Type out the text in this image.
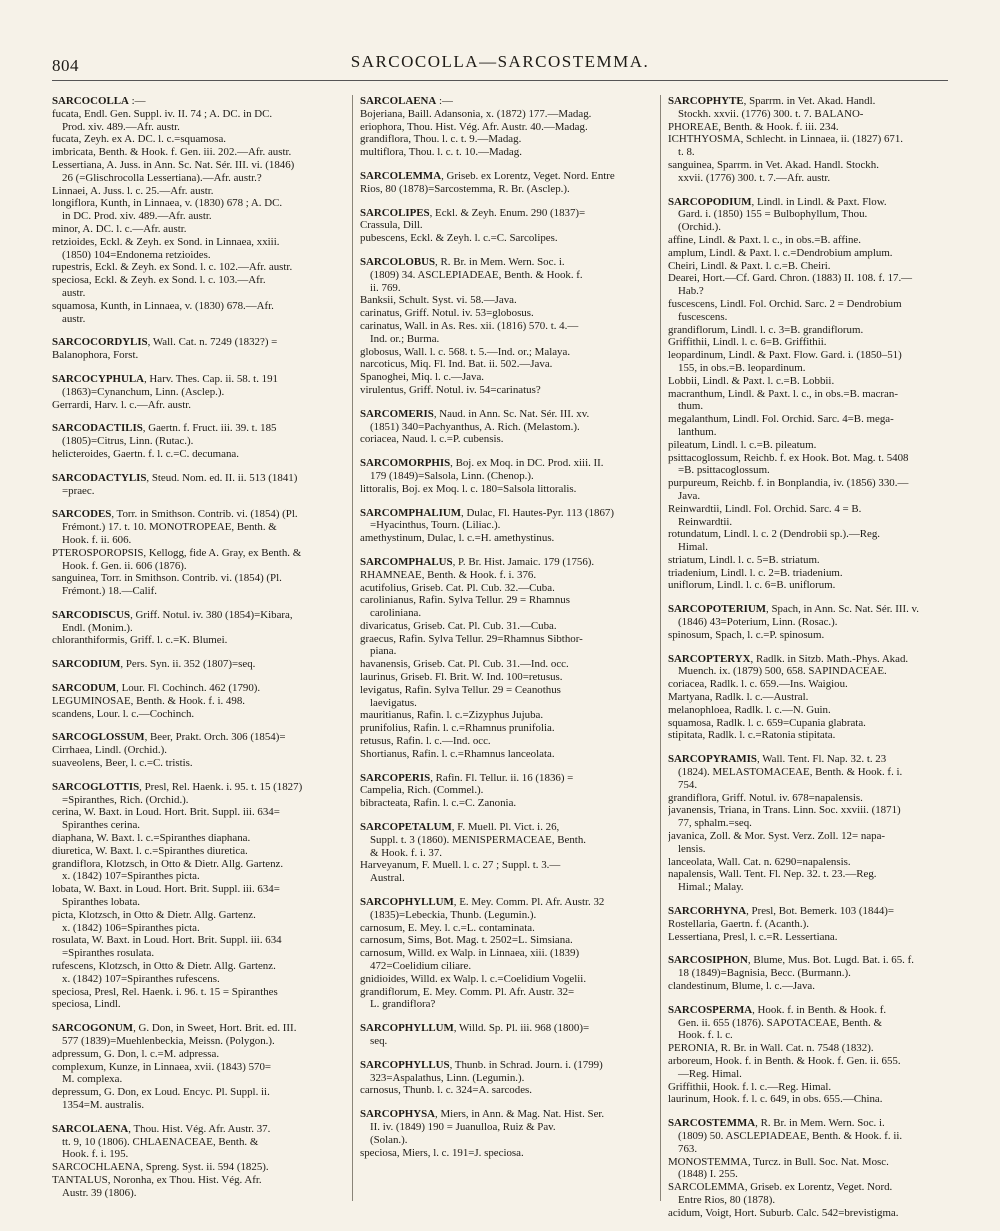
804	SARCOCOLLA—SARCOSTEMMA.
SARCOCOLLA :—
fucata, Endl. Gen. Suppl. iv. II. 74 ; A. DC. in DC.
Prod. xiv. 489.—Afr. austr.
fucata, Zeyh. ex A. DC. l. c.=squamosa.
imbricata, Benth. & Hook. f. Gen. iii. 202.—Afr. austr.
Lessertiana, A. Juss. in Ann. Sc. Nat. Sér. III. vi. (1846)
26 (=Glischrocolla Lessertiana).—Afr. austr.?
Linnaei, A. Juss. l. c. 25.—Afr. austr.
longiflora, Kunth, in Linnaea, v. (1830) 678 ; A. DC.
in DC. Prod. xiv. 489.—Afr. austr.
minor, A. DC. l. c.—Afr. austr.
retzioides, Eckl. & Zeyh. ex Sond. in Linnaea, xxiii.
(1850) 104=Endonema retzioides.
rupestris, Eckl. & Zeyh. ex Sond. l. c. 102.—Afr. austr.
speciosa, Eckl. & Zeyh. ex Sond. l. c. 103.—Afr.
austr.
squamosa, Kunth, in Linnaea, v. (1830) 678.—Afr.
austr.
SARCOCORDYLIS, Wall. Cat. n. 7249 (1832?) =
Balanophora, Forst.
SARCOCYPHULA, Harv. Thes. Cap. ii. 58. t. 191
(1863)=Cynanchum, Linn. (Asclep.).
Gerrardi, Harv. l. c.—Afr. austr.
SARCODACTILIS, Gaertn. f. Fruct. iii. 39. t. 185
(1805)=Citrus, Linn. (Rutac.).
helicteroides, Gaertn. f. l. c.=C. decumana.
SARCODACTYLIS, Steud. Nom. ed. II. ii. 513 (1841)
=praec.
SARCODES, Torr. in Smithson. Contrib. vi. (1854) (Pl.
Frémont.) 17. t. 10. MONOTROPEAE, Benth. &
Hook. f. ii. 606.
PTEROSPOROPSIS, Kellogg, fide A. Gray, ex Benth. &
Hook. f. Gen. ii. 606 (1876).
sanguinea, Torr. in Smithson. Contrib. vi. (1854) (Pl.
Frémont.) 18.—Calif.
SARCODISCUS, Griff. Notul. iv. 380 (1854)=Kibara,
Endl. (Monim.).
chloranthiformis, Griff. l. c.=K. Blumei.
SARCODIUM, Pers. Syn. ii. 352 (1807)=seq.
SARCODUM, Lour. Fl. Cochinch. 462 (1790).
LEGUMINOSAE, Benth. & Hook. f. i. 498.
scandens, Lour. l. c.—Cochinch.
SARCOGLOSSUM, Beer, Prakt. Orch. 306 (1854)=
Cirrhaea, Lindl. (Orchid.).
suaveolens, Beer, l. c.=C. tristis.
SARCOGLOTTIS, Presl, Rel. Haenk. i. 95. t. 15 (1827)
=Spiranthes, Rich. (Orchid.).
cerina, W. Baxt. in Loud. Hort. Brit. Suppl. iii. 634=
Spiranthes cerina.
diaphana, W. Baxt. l. c.=Spiranthes diaphana.
diuretica, W. Baxt. l. c.=Spiranthes diuretica.
grandiflora, Klotzsch, in Otto & Dietr. Allg. Gartenz.
x. (1842) 107=Spiranthes picta.
lobata, W. Baxt. in Loud. Hort. Brit. Suppl. iii. 634=
Spiranthes lobata.
picta, Klotzsch, in Otto & Dietr. Allg. Gartenz.
x. (1842) 106=Spiranthes picta.
rosulata, W. Baxt. in Loud. Hort. Brit. Suppl. iii. 634
=Spiranthes rosulata.
rufescens, Klotzsch, in Otto & Dietr. Allg. Gartenz.
x. (1842) 107=Spiranthes rufescens.
speciosa, Presl, Rel. Haenk. i. 96. t. 15 = Spiranthes
speciosa, Lindl.
SARCOGONUM, G. Don, in Sweet, Hort. Brit. ed. III.
577 (1839)=Muehlenbeckia, Meissn. (Polygon.).
adpressum, G. Don, l. c.=M. adpressa.
complexum, Kunze, in Linnaea, xvii. (1843) 570=
M. complexa.
depressum, G. Don, ex Loud. Encyc. Pl. Suppl. ii.
1354=M. australis.
SARCOLAENA, Thou. Hist. Vég. Afr. Austr. 37.
tt. 9, 10 (1806). CHLAENACEAE, Benth. &
Hook. f. i. 195.
SARCOCHLAENA, Spreng. Syst. ii. 594 (1825).
TANTALUS, Noronha, ex Thou. Hist. Vég. Afr.
Austr. 39 (1806).
SARCOLAENA :—
Bojeriana, Baill. Adansonia, x. (1872) 177.—Madag.
eriophora, Thou. Hist. Vég. Afr. Austr. 40.—Madag.
grandiflora, Thou. l. c. t. 9.—Madag.
multiflora, Thou. l. c. t. 10.—Madag.
SARCOLEMMA, Griseb. ex Lorentz, Veget. Nord. Entre
Rios, 80 (1878)=Sarcostemma, R. Br. (Asclep.).
SARCOLIPES, Eckl. & Zeyh. Enum. 290 (1837)=
Crassula, Dill.
pubescens, Eckl. & Zeyh. l. c.=C. Sarcolipes.
SARCOLOBUS, R. Br. in Mem. Wern. Soc. i.
(1809) 34. ASCLEPIADEAE, Benth. & Hook. f.
ii. 769.
Banksii, Schult. Syst. vi. 58.—Java.
carinatus, Griff. Notul. iv. 53=globosus.
carinatus, Wall. in As. Res. xii. (1816) 570. t. 4.—
Ind. or.; Burma.
globosus, Wall. l. c. 568. t. 5.—Ind. or.; Malaya.
narcoticus, Miq. Fl. Ind. Bat. ii. 502.—Java.
Spanoghei, Miq. l. c.—Java.
virulentus, Griff. Notul. iv. 54=carinatus?
SARCOMERIS, Naud. in Ann. Sc. Nat. Sér. III. xv.
(1851) 340=Pachyanthus, A. Rich. (Melastom.).
coriacea, Naud. l. c.=P. cubensis.
SARCOMORPHIS, Boj. ex Moq. in DC. Prod. xiii. II.
179 (1849)=Salsola, Linn. (Chenop.).
littoralis, Boj. ex Moq. l. c. 180=Salsola littoralis.
SARCOMPHALIUM, Dulac, Fl. Hautes-Pyr. 113 (1867)
=Hyacinthus, Tourn. (Liliac.).
amethystinum, Dulac, l. c.=H. amethystinus.
SARCOMPHALUS, P. Br. Hist. Jamaic. 179 (1756).
RHAMNEAE, Benth. & Hook. f. i. 376.
acutifolius, Griseb. Cat. Pl. Cub. 32.—Cuba.
carolinianus, Rafin. Sylva Tellur. 29 = Rhamnus
caroliniana.
divaricatus, Griseb. Cat. Pl. Cub. 31.—Cuba.
graecus, Rafin. Sylva Tellur. 29=Rhamnus Sibthor-
piana.
havanensis, Griseb. Cat. Pl. Cub. 31.—Ind. occ.
laurinus, Griseb. Fl. Brit. W. Ind. 100=retusus.
levigatus, Rafin. Sylva Tellur. 29 = Ceanothus
laevigatus.
mauritianus, Rafin. l. c.=Zizyphus Jujuba.
prunifolius, Rafin. l. c.=Rhamnus prunifolia.
retusus, Rafin. l. c.—Ind. occ.
Shortianus, Rafin. l. c.=Rhamnus lanceolata.
SARCOPERIS, Rafin. Fl. Tellur. ii. 16 (1836) =
Campelia, Rich. (Commel.).
bibracteata, Rafin. l. c.=C. Zanonia.
SARCOPETALUM, F. Muell. Pl. Vict. i. 26,
Suppl. t. 3 (1860). MENISPERMACEAE, Benth.
& Hook. f. i. 37.
Harveyanum, F. Muell. l. c. 27 ; Suppl. t. 3.—
Austral.
SARCOPHYLLUM, E. Mey. Comm. Pl. Afr. Austr. 32
(1835)=Lebeckia, Thunb. (Legumin.).
carnosum, E. Mey. l. c.=L. contaminata.
carnosum, Sims, Bot. Mag. t. 2502=L. Simsiana.
carnosum, Willd. ex Walp. in Linnaea, xiii. (1839)
472=Coelidium ciliare.
gnidioides, Willd. ex Walp. l. c.=Coelidium Vogelii.
grandiflorum, E. Mey. Comm. Pl. Afr. Austr. 32=
L. grandiflora?
SARCOPHYLLUM, Willd. Sp. Pl. iii. 968 (1800)=
seq.
SARCOPHYLLUS, Thunb. in Schrad. Journ. i. (1799)
323=Aspalathus, Linn. (Legumin.).
carnosus, Thunb. l. c. 324=A. sarcodes.
SARCOPHYSA, Miers, in Ann. & Mag. Nat. Hist. Ser.
II. iv. (1849) 190 = Juanulloa, Ruiz & Pav.
(Solan.).
speciosa, Miers, l. c. 191=J. speciosa.
SARCOPHYTE, Sparrm. in Vet. Akad. Handl.
Stockh. xxvii. (1776) 300. t. 7. BALANO-
PHOREAE, Benth. & Hook. f. iii. 234.
ICHTHYOSMA, Schlecht. in Linnaea, ii. (1827) 671.
t. 8.
sanguinea, Sparrm. in Vet. Akad. Handl. Stockh.
xxvii. (1776) 300. t. 7.—Afr. austr.
SARCOPODIUM, Lindl. in Lindl. & Paxt. Flow.
Gard. i. (1850) 155 = Bulbophyllum, Thou.
(Orchid.).
affine, Lindl. & Paxt. l. c., in obs.=B. affine.
amplum, Lindl. & Paxt. l. c.=Dendrobium amplum.
Cheiri, Lindl. & Paxt. l. c.=B. Cheiri.
Dearei, Hort.—Cf. Gard. Chron. (1883) II. 108. f. 17.—
Hab.?
fuscescens, Lindl. Fol. Orchid. Sarc. 2 = Dendrobium
fuscescens.
grandiflorum, Lindl. l. c. 3=B. grandiflorum.
Griffithii, Lindl. l. c. 6=B. Griffithii.
leopardinum, Lindl. & Paxt. Flow. Gard. i. (1850–51)
155, in obs.=B. leopardinum.
Lobbii, Lindl. & Paxt. l. c.=B. Lobbii.
macranthum, Lindl. & Paxt. l. c., in obs.=B. macran-
thum.
megalanthum, Lindl. Fol. Orchid. Sarc. 4=B. mega-
lanthum.
pileatum, Lindl. l. c.=B. pileatum.
psittacoglossum, Reichb. f. ex Hook. Bot. Mag. t. 5408
=B. psittacoglossum.
purpureum, Reichb. f. in Bonplandia, iv. (1856) 330.—
Java.
Reinwardtii, Lindl. Fol. Orchid. Sarc. 4 = B.
Reinwardtii.
rotundatum, Lindl. l. c. 2 (Dendrobii sp.).—Reg.
Himal.
striatum, Lindl. l. c. 5=B. striatum.
triadenium, Lindl. l. c. 2=B. triadenium.
uniflorum, Lindl. l. c. 6=B. uniflorum.
SARCOPOTERIUM, Spach, in Ann. Sc. Nat. Sér. III. v.
(1846) 43=Poterium, Linn. (Rosac.).
spinosum, Spach, l. c.=P. spinosum.
SARCOPTERYX, Radlk. in Sitzb. Math.-Phys. Akad.
Muench. ix. (1879) 500, 658. SAPINDACEAE.
coriacea, Radlk. l. c. 659.—Ins. Waigiou.
Martyana, Radlk. l. c.—Austral.
melanophloea, Radlk. l. c.—N. Guin.
squamosa, Radlk. l. c. 659=Cupania glabrata.
stipitata, Radlk. l. c.=Ratonia stipitata.
SARCOPYRAMIS, Wall. Tent. Fl. Nap. 32. t. 23
(1824). MELASTOMACEAE, Benth. & Hook. f. i.
754.
grandiflora, Griff. Notul. iv. 678=napalensis.
javanensis, Triana, in Trans. Linn. Soc. xxviii. (1871)
77, sphalm.=seq.
javanica, Zoll. & Mor. Syst. Verz. Zoll. 12= napa-
lensis.
lanceolata, Wall. Cat. n. 6290=napalensis.
napalensis, Wall. Tent. Fl. Nep. 32. t. 23.—Reg.
Himal.; Malay.
SARCORHYNA, Presl, Bot. Bemerk. 103 (1844)=
Rostellaria, Gaertn. f. (Acanth.).
Lessertiana, Presl, l. c.=R. Lessertiana.
SARCOSIPHON, Blume, Mus. Bot. Lugd. Bat. i. 65. f.
18 (1849)=Bagnisia, Becc. (Burmann.).
clandestinum, Blume, l. c.—Java.
SARCOSPERMA, Hook. f. in Benth. & Hook. f.
Gen. ii. 655 (1876). SAPOTACEAE, Benth. &
Hook. f. l. c.
PERONIA, R. Br. in Wall. Cat. n. 7548 (1832).
arboreum, Hook. f. in Benth. & Hook. f. Gen. ii. 655.
—Reg. Himal.
Griffithii, Hook. f. l. c.—Reg. Himal.
laurinum, Hook. f. l. c. 649, in obs. 655.—China.
SARCOSTEMMA, R. Br. in Mem. Wern. Soc. i.
(1809) 50. ASCLEPIADEAE, Benth. & Hook. f. ii.
763.
MONOSTEMMA, Turcz. in Bull. Soc. Nat. Mosc.
(1848) I. 255.
SARCOLEMMA, Griseb. ex Lorentz, Veget. Nord.
Entre Rios, 80 (1878).
acidum, Voigt, Hort. Suburb. Calc. 542=brevistigma.
